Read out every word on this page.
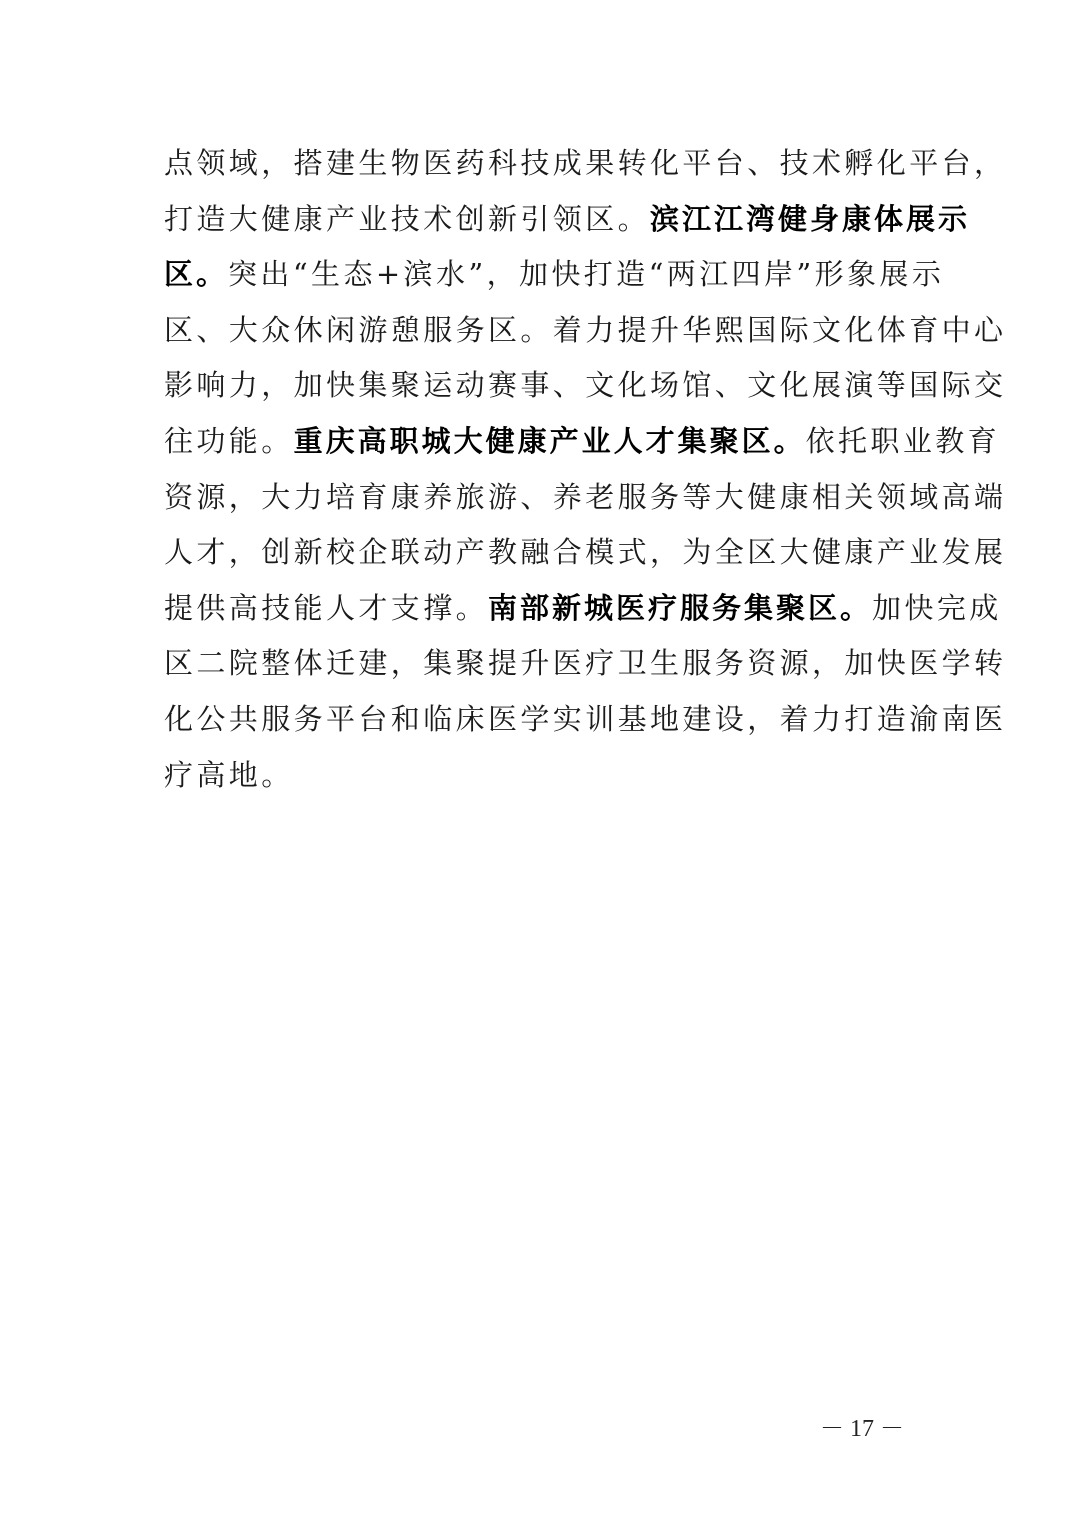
点领域，搭建生物医药科技成果转化平台、技术孵化平台，
打造大健康产业技术创新引领区。滨江江湾健身康体展示
区。突出“生态+滨水”，加快打造“两江四岸”形象展示
区、大众休闲游憩服务区。着力提升华熙国际文化体育中心
影响力，加快集聚运动赛事、文化场馆、文化展演等国际交
往功能。重庆高职城大健康产业人才集聚区。依托职业教育
资源，大力培育康养旅游、养老服务等大健康相关领域高端
人才，创新校企联动产教融合模式，为全区大健康产业发展
提供高技能人才支撑。南部新城医疗服务集聚区。加快完成
区二院整体迁建，集聚提升医疗卫生服务资源，加快医学转
化公共服务平台和临床医学实训基地建设，着力打造渝南医
疗高地。
－ 17 －
